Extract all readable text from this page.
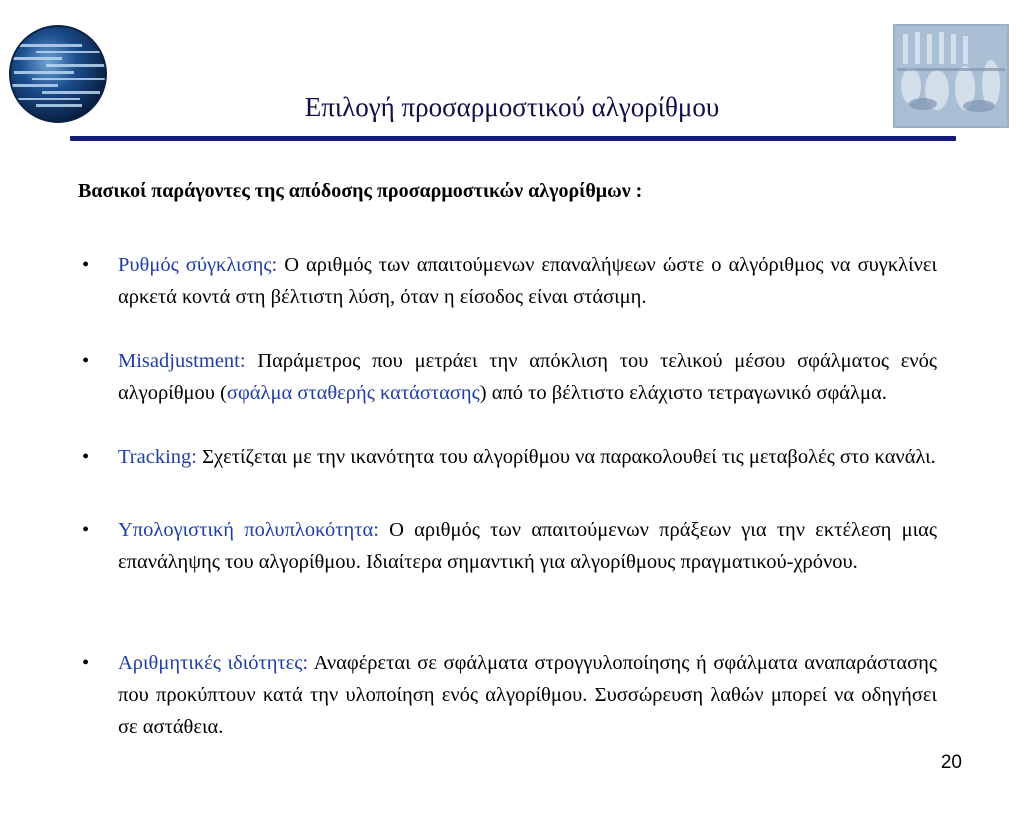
Επιλογή προσαρμοστικού αλγορίθμου
Βασικοί παράγοντες της απόδοσης προσαρμοστικών αλγορίθμων :
•	Ρυθμός σύγκλισης: Ο αριθμός των απαιτούμενων επαναλήψεων ώστε ο αλγόριθμος να συγκλίνει αρκετά κοντά στη βέλτιστη λύση, όταν η είσοδος είναι στάσιμη.
•	Misadjustment: Παράμετρος που μετράει την απόκλιση του τελικού μέσου σφάλματος ενός αλγορίθμου (σφάλμα σταθερής κατάστασης) από το βέλτιστο ελάχιστο τετραγωνικό σφάλμα.
•	Tracking: Σχετίζεται με την ικανότητα του αλγορίθμου να παρακολουθεί τις μεταβολές στο κανάλι.
•	Υπολογιστική πολυπλοκότητα: Ο αριθμός των απαιτούμενων πράξεων για την εκτέλεση μιας επανάληψης του αλγορίθμου. Ιδιαίτερα σημαντική για αλγορίθμους πραγματικού-χρόνου.
•	Αριθμητικές ιδιότητες: Αναφέρεται σε σφάλματα στρογγυλοποίησης ή σφάλματα αναπαράστασης που προκύπτουν κατά την υλοποίηση ενός αλγορίθμου. Συσσώρευση λαθών μπορεί να οδηγήσει σε αστάθεια.
20
